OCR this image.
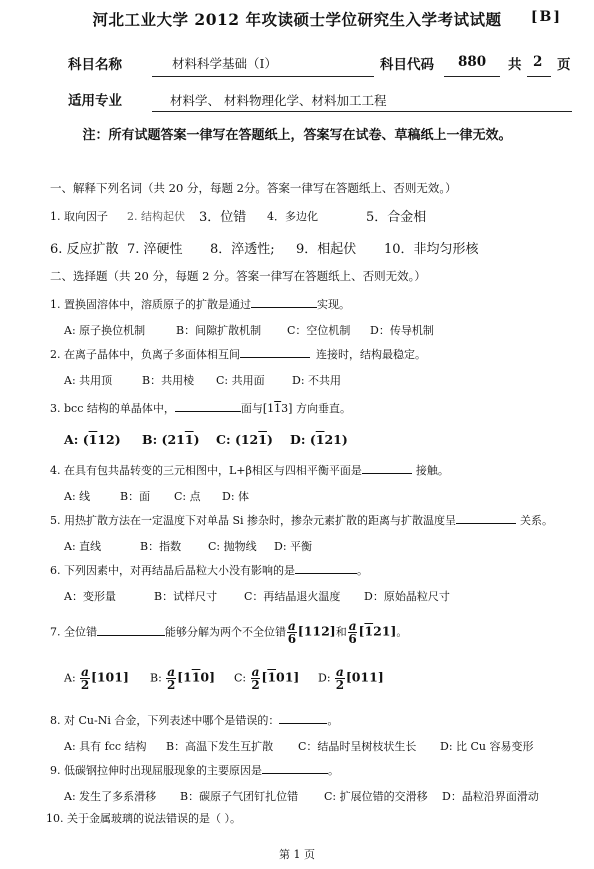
河北工业大学 2012 年攻读硕士学位研究生入学考试试题	[B]
科目名称	材料科学基础（I）	科目代码 880 共 2 页
适用专业	材料学、 材料物理化学、材料加工工程
注：所有试题答案一律写在答题纸上，答案写在试卷、草稿纸上一律无效。
一、解释下列名词（共 20 分，每题 2分。答案一律写在答题纸上、否则无效。）
1. 取向因子 2. 结构起伏 3．位错 4．多边化	5．合金相
6. 反应扩散 7. 淬硬性 8．淬透性; 9．相起伏 10．非均匀形核
二、选择题（共 20 分，每题 2 分。答案一律写在答题纸上、否则无效。）
1. 置换固溶体中，溶质原子的扩散是通过	实现。
A: 原子换位机制	B：间隙扩散机制 C：空位机制 D：传导机制
2. 在离子晶体中，负离子多面体相互间	连接时，结构最稳定。
A: 共用顶	B：共用棱 C: 共用面 D: 不共用
3. bcc 结构的单晶体中，	面与[113] 方向垂直。
A: (112) B: (211) C: (121) D: (121)
4. 在具有包共晶转变的三元相图中，L+β相区与四相平衡平面是	接触。
A: 线	B：面 C: 点 D: 体
5. 用热扩散方法在一定温度下对单晶 Si 掺杂时，掺杂元素扩散的距离与扩散温度呈	关系。
A: 直线	B：指数 C: 抛物线 D: 平衡
6. 下列因素中，对再结晶后晶粒大小没有影响的是	。
A：变形量	B：试样尺寸 C：再结晶退火温度 D：原始晶粒尺寸
7. 全位错	能够分解为两个不全位错 $\frac{a}{6} [112]$和 $\frac{a}{6} [121]$。
A: $\frac{a}{2} [101]$ B: $\frac{a}{2} [110]$ C: $\frac{a}{2} [101]$ D: $\frac{a}{2} [011]$
8. 对 Cu-Ni 合金，下列表述中哪个是错误的：	。
A: 具有 fcc 结构 B：高温下发生互扩散 C：结晶时呈树枝状生长 D: 比 Cu 容易变形
9. 低碳钢拉伸时出现屈服现象的主要原因是	。
A: 发生了多系滑移 B：碳原子气团钉扎位错 C: 扩展位错的交滑移 D：晶粒沿界面滑动
10. 关于金属玻璃的说法错误的是（ ）。
第 1 页
